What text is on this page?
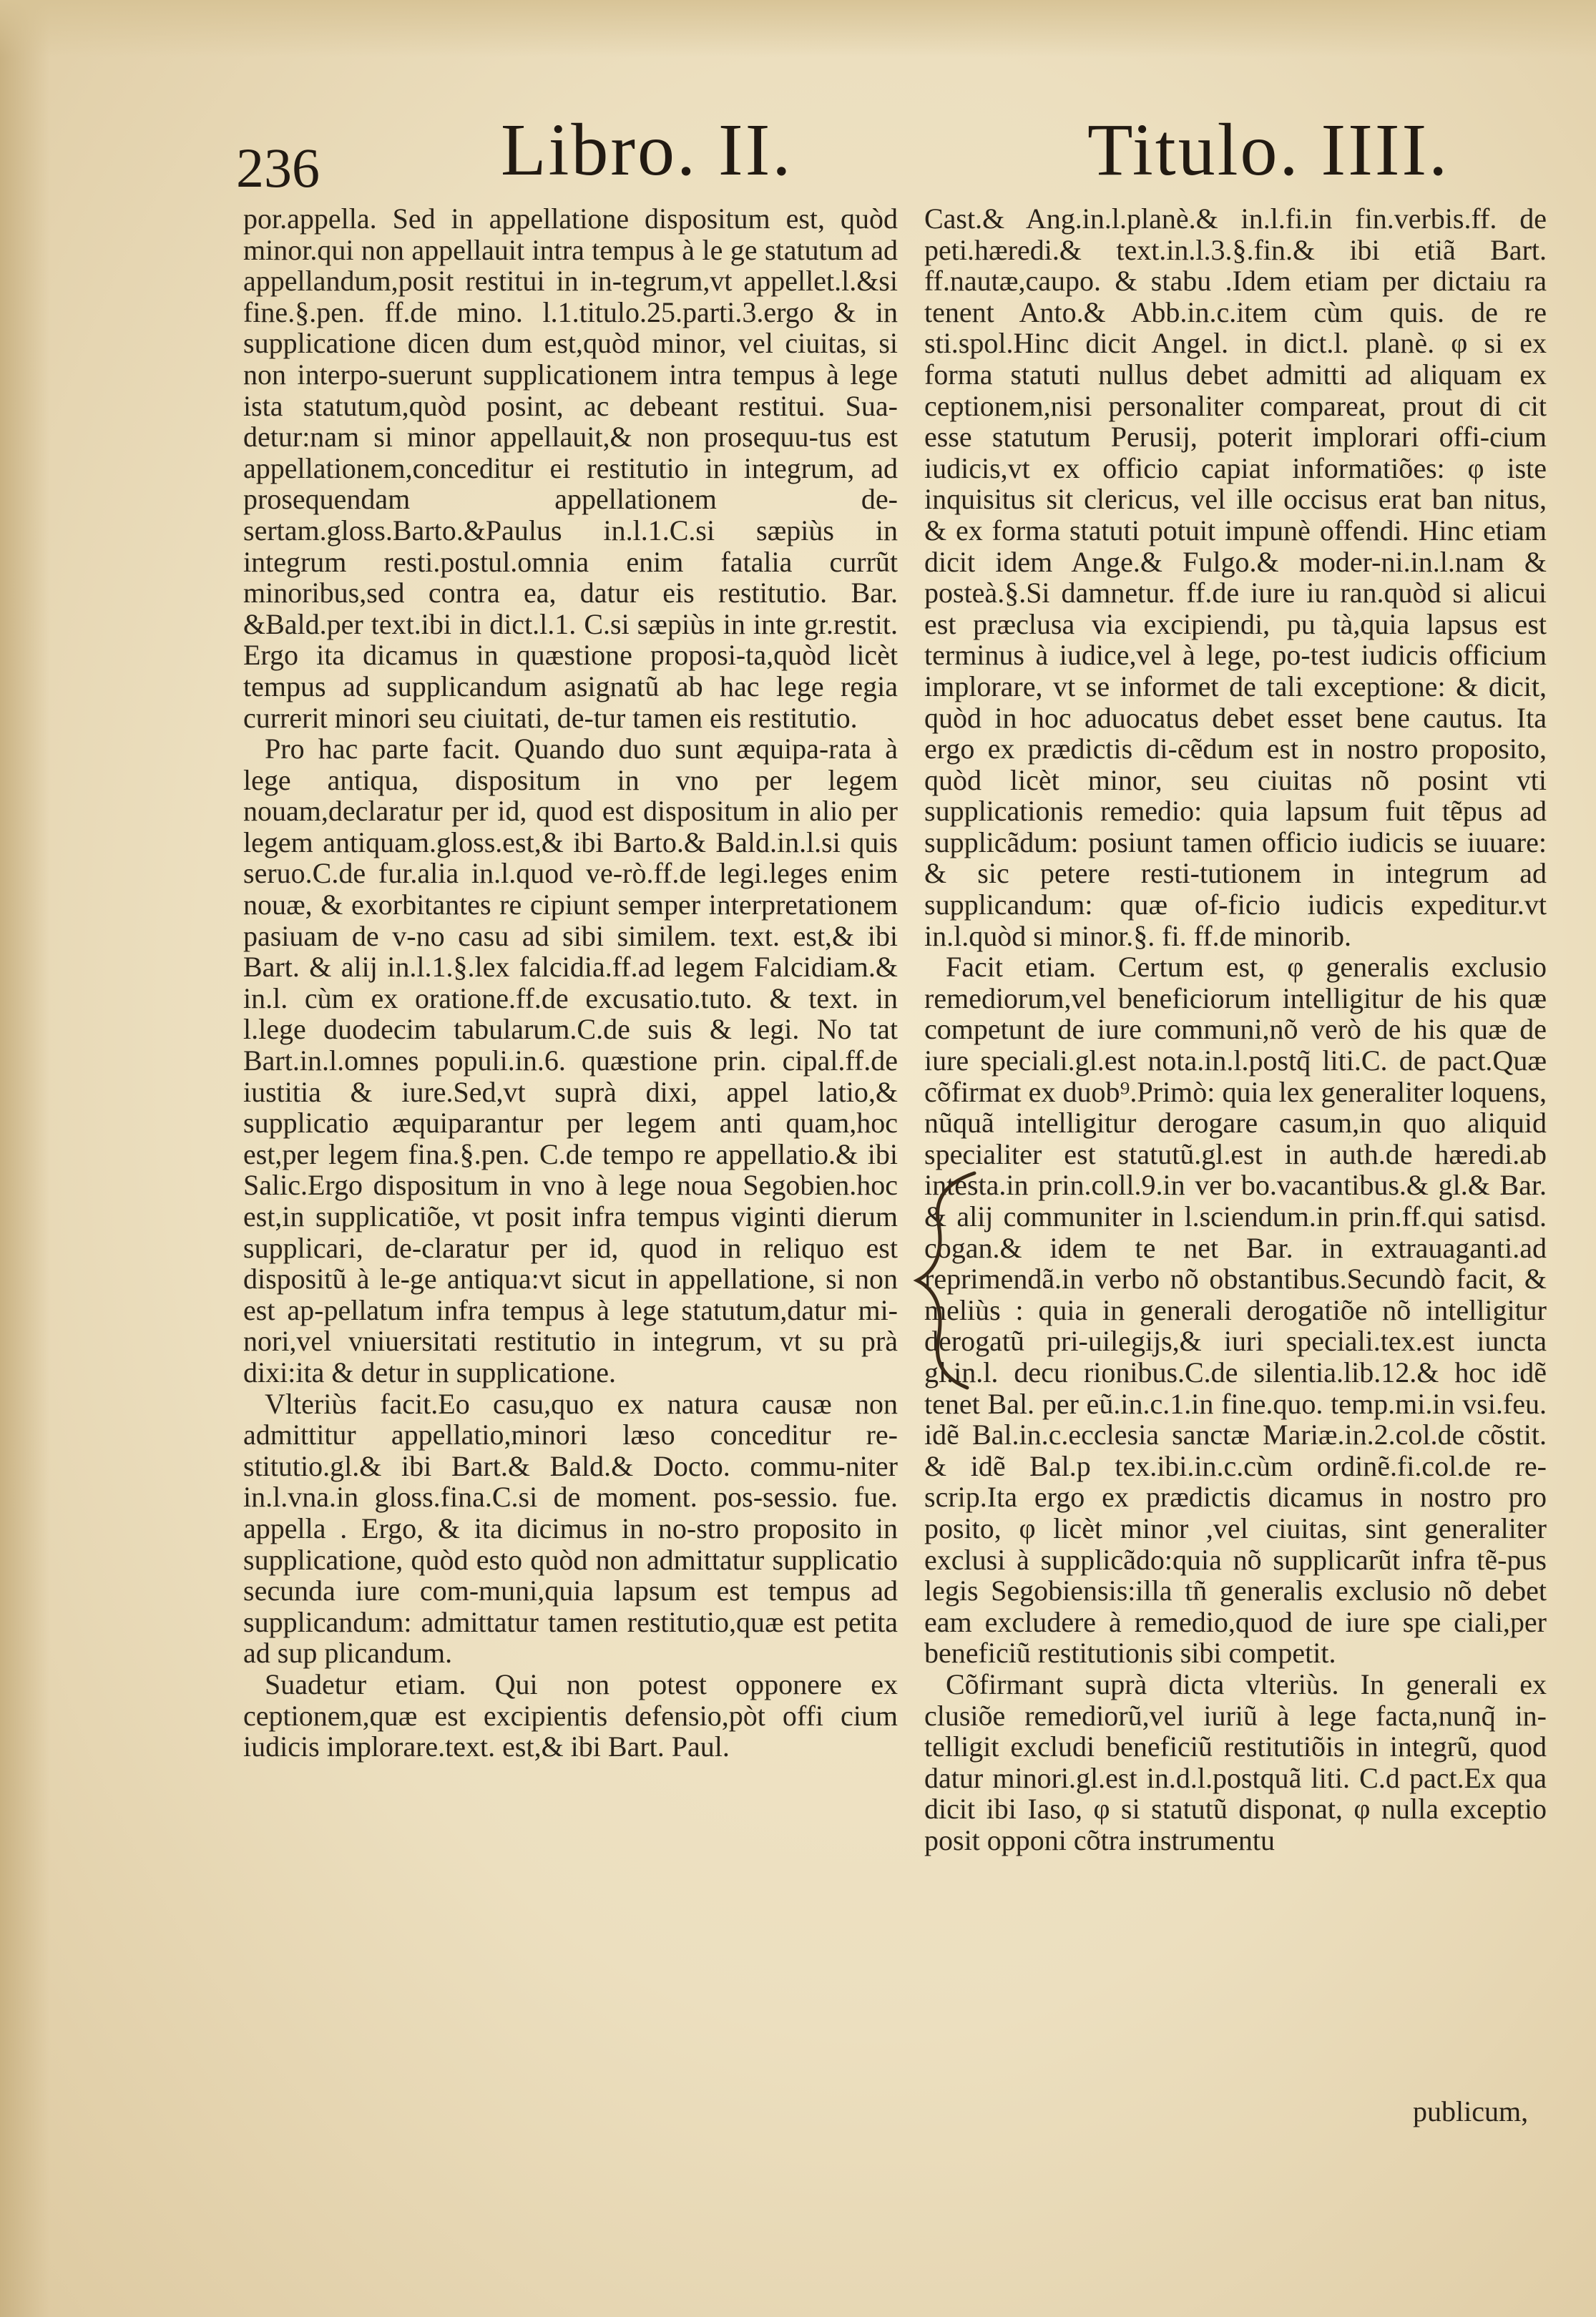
236 Libro. II.	Titulo. IIII.

por.appella. Sed in appellatione dispositum est, quòd minor.qui non appellauit intra tempus à le ge statutum ad appellandum,posit restitui in in-tegrum,vt appellet.l.&si fine.§.pen. ff.de mino. l.1.titulo.25.parti.3.ergo & in supplicatione dicen dum est,quòd minor, vel ciuitas, si non interpo-suerunt supplicationem intra tempus à lege ista statutum,quòd posint, ac debeant restitui. Sua-detur:nam si minor appellauit,& non prosequu-tus est appellationem,conceditur ei restitutio in integrum, ad prosequendam appellationem de-sertam.gloss.Barto.&Paulus in.l.1.C.si sæpiùs in integrum resti.postul.omnia enim fatalia currũt minoribus,sed contra ea, datur eis restitutio. Bar. &Bald.per text.ibi in dict.l.1. C.si sæpiùs in inte gr.restit. Ergo ita dicamus in quæstione proposi-ta,quòd licèt tempus ad supplicandum asignatũ ab hac lege regia currerit minori seu ciuitati, de-tur tamen eis restitutio.

Pro hac parte facit. Quando duo sunt æquipa-rata à lege antiqua, dispositum in vno per legem nouam,declaratur per id, quod est dispositum in alio per legem antiquam.gloss.est,& ibi Barto.& Bald.in.l.si quis seruo.C.de fur.alia in.l.quod ve-rò.ff.de legi.leges enim nouæ, & exorbitantes re cipiunt semper interpretationem pasiuam de v-no casu ad sibi similem. text. est,& ibi Bart. & alij in.l.1.§.lex falcidia.ff.ad legem Falcidiam.& in.l. cùm ex oratione.ff.de excusatio.tuto. & text. in l.lege duodecim tabularum.C.de suis & legi. No tat Bart.in.l.omnes populi.in.6. quæstione prin. cipal.ff.de iustitia & iure.Sed,vt suprà dixi, appel latio,& supplicatio æquiparantur per legem anti quam,hoc est,per legem fina.§.pen. C.de tempo re appellatio.& ibi Salic.Ergo dispositum in vno à lege noua Segobien.hoc est,in supplicatiõe, vt posit infra tempus viginti dierum supplicari, de-claratur per id, quod in reliquo est dispositũ à le-ge antiqua:vt sicut in appellatione, si non est ap-pellatum infra tempus à lege statutum,datur mi-nori,vel vniuersitati restitutio in integrum, vt su prà dixi:ita & detur in supplicatione.

Vlteriùs facit.Eo casu,quo ex natura causæ non admittitur appellatio,minori læso conceditur re-stitutio.gl.& ibi Bart.& Bald.& Docto. commu-niter in.l.vna.in gloss.fina.C.si de moment. pos-sessio. fue. appella . Ergo, & ita dicimus in no-stro proposito in supplicatione, quòd esto quòd non admittatur supplicatio secunda iure com-muni,quia lapsum est tempus ad supplicandum: admittatur tamen restitutio,quæ est petita ad sup plicandum.

Suadetur etiam. Qui non potest opponere ex ceptionem,quæ est excipientis defensio,pòt offi cium iudicis implorare.text. est,& ibi Bart. Paul.

Cast.& Ang.in.l.planè.& in.l.fi.in fin.verbis.ff. de peti.hæredi.& text.in.l.3.§.fin.& ibi etiã Bart. ff.nautæ,caupo. & stabu .Idem etiam per dictaiu ra tenent Anto.& Abb.in.c.item cùm quis. de re sti.spol.Hinc dicit Angel. in dict.l. planè. φ si ex forma statuti nullus debet admitti ad aliquam ex ceptionem,nisi personaliter compareat, prout di cit esse statutum Perusij, poterit implorari offi-cium iudicis,vt ex officio capiat informatiões: φ iste inquisitus sit clericus, vel ille occisus erat ban nitus, & ex forma statuti potuit impunè offendi. Hinc etiam dicit idem Ange.& Fulgo.& moder-ni.in.l.nam & posteà.§.Si damnetur. ff.de iure iu ran.quòd si alicui est præclusa via excipiendi, pu tà,quia lapsus est terminus à iudice,vel à lege, po-test iudicis officium implorare, vt se informet de tali exceptione: & dicit, quòd in hoc aduocatus debet esset bene cautus. Ita ergo ex prædictis di-cẽdum est in nostro proposito, quòd licèt minor, seu ciuitas nõ posint vti supplicationis remedio: quia lapsum fuit tẽpus ad supplicãdum: posiunt tamen officio iudicis se iuuare: & sic petere resti-tutionem in integrum ad supplicandum: quæ of-ficio iudicis expeditur.vt in.l.quòd si minor.§. fi. ff.de minorib.

Facit etiam. Certum est, φ generalis exclusio remediorum,vel beneficiorum intelligitur de his quæ competunt de iure communi,nõ verò de his quæ de iure speciali.gl.est nota.in.l.postq̃ liti.C. de pact.Quæ cõfirmat ex duob⁹.Primò: quia lex generaliter loquens, nũquã intelligitur derogare casum,in quo aliquid specialiter est statutũ.gl.est in auth.de hæredi.ab intesta.in prin.coll.9.in ver bo.vacantibus.& gl.& Bar. & alij communiter in l.sciendum.in prin.ff.qui satisd. cogan.& idem te net Bar. in extrauaganti.ad reprimendã.in verbo nõ obstantibus.Secundò facit, & meliùs : quia in generali derogatiõe nõ intelligitur derogatũ pri-uilegijs,& iuri speciali.tex.est iuncta gl.in.l. decu rionibus.C.de silentia.lib.12.& hoc idẽ tenet Bal. per eũ.in.c.1.in fine.quo. temp.mi.in vsi.feu. idẽ Bal.in.c.ecclesia sanctæ Mariæ.in.2.col.de cõstit. & idẽ Bal.p tex.ibi.in.c.cùm ordinẽ.fi.col.de re-scrip.Ita ergo ex prædictis dicamus in nostro pro posito, φ licèt minor ,vel ciuitas, sint generaliter exclusi à supplicãdo:quia nõ supplicarũt infra tẽ-pus legis Segobiensis:illa tñ generalis exclusio nõ debet eam excludere à remedio,quod de iure spe ciali,per beneficiũ restitutionis sibi competit.

Cõfirmant suprà dicta vlteriùs. In generali ex clusiõe remediorũ,vel iuriũ à lege facta,nunq̃ in-telligit excludi beneficiũ restitutiõis in integrũ, quod datur minori.gl.est in.d.l.postquã liti. C.d pact.Ex qua dicit ibi Iaso, φ si statutũ disponat, φ nulla exceptio posit opponi cõtra instrumentu

publicum,
